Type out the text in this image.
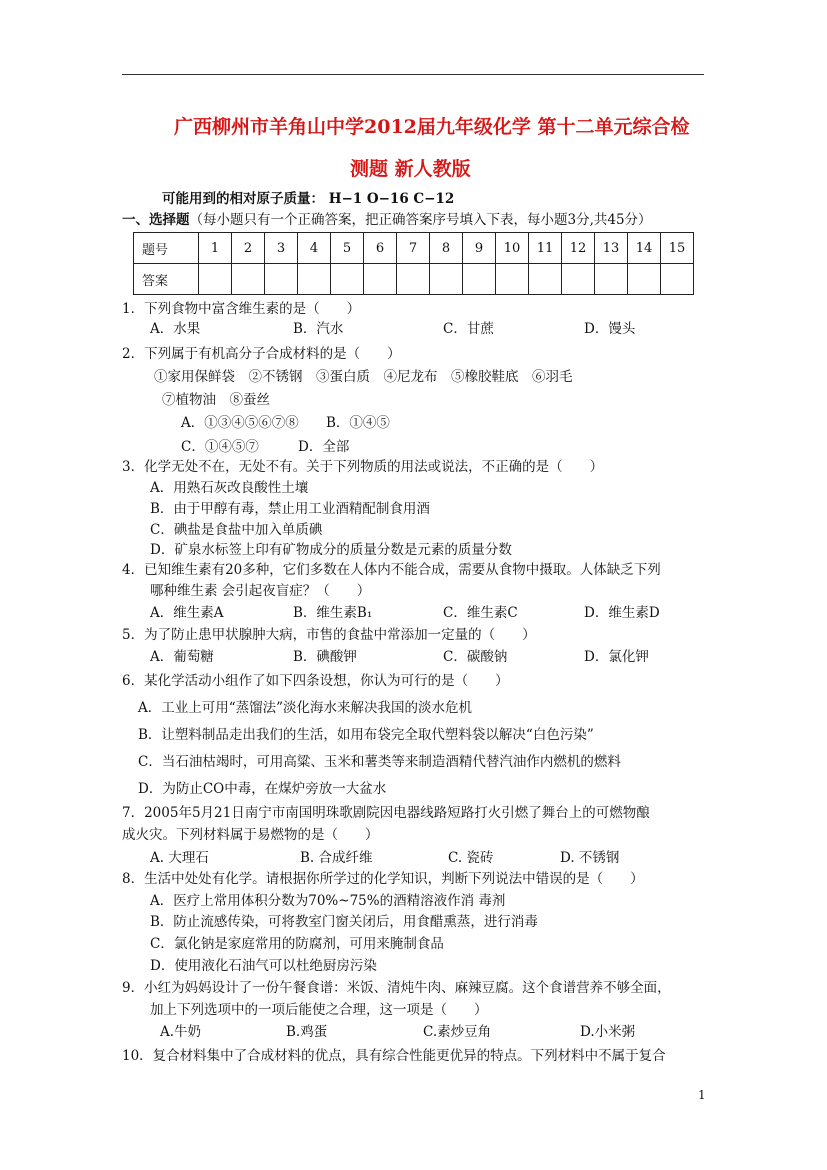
广西柳州市羊角山中学2012届九年级化学 第十二单元综合检
测题 新人教版
可能用到的相对原子质量： H−1 O−16 C−12
一、选择题（每小题只有一个正确答案，把正确答案序号填入下表，每小题3分,共45分）
题号	1	2	3	4	5	6	7	8	9	10	11	12	13	14	15
答案															
1．下列食物中富含维生素的是（　　）
A．水果	B．汽水	C．甘蔗	D．馒头
2．下列属于有机高分子合成材料的是（　　）
①家用保鲜袋　②不锈钢　③蛋白质　④尼龙布　⑤橡胶鞋底　⑥羽毛
⑦植物油　⑧蚕丝
A．①③④⑤⑥⑦⑧ B．①④⑤
C．①④⑤⑦	D．全部
3．化学无处不在，无处不有。关于下列物质的用法或说法，不正确的是（　　）
A．用熟石灰改良酸性土壤
B．由于甲醇有毒，禁止用工业酒精配制食用酒
C．碘盐是食盐中加入单质碘
D．矿泉水标签上印有矿物成分的质量分数是元素的质量分数
4．已知维生素有20多种，它们多数在人体内不能合成，需要从食物中摄取。人体缺乏下列
哪种维生素 会引起夜盲症？（　　）
A．维生素A	B．维生素B₁	C．维生素C	D．维生素D
5．为了防止患甲状腺肿大病，市售的食盐中常添加一定量的（　　）
A．葡萄糖	B．碘酸钾	C．碳酸钠	D．氯化钾
6．某化学活动小组作了如下四条设想，你认为可行的是（　　）
A．工业上可用“蒸馏法”淡化海水来解决我国的淡水危机
B．让塑料制品走出我们的生活，如用布袋完全取代塑料袋以解决“白色污染”
C．当石油枯竭时，可用高粱、玉米和薯类等来制造酒精代替汽油作内燃机的燃料
D．为防止CO中毒，在煤炉旁放一大盆水
7．2005年5月21日南宁市南国明珠歌剧院因电器线路短路打火引燃了舞台上的可燃物酿
成火灾。下列材料属于易燃物的是（　　）
A. 大理石	B. 合成纤维	C. 瓷砖	D. 不锈钢
8．生活中处处有化学。请根据你所学过的化学知识，判断下列说法中错误的是（　　）
A．医疗上常用体积分数为70%~75%的酒精溶液作消 毒剂
B．防止流感传染，可将教室门窗关闭后，用食醋熏蒸，进行消毒
C．氯化钠是家庭常用的防腐剂，可用来腌制食品
D．使用液化石油气可以杜绝厨房污染
9．小红为妈妈设计了一份午餐食谱：米饭、清炖牛肉、麻辣豆腐。这个食谱营养不够全面，
加上下列选项中的一项后能使之合理，这一项是（　　）
A.牛奶	B.鸡蛋	C.素炒豆角	D.小米粥
10．复合材料集中了合成材料的优点，具有综合性能更优异的特点。下列材料中不属于复合
1
